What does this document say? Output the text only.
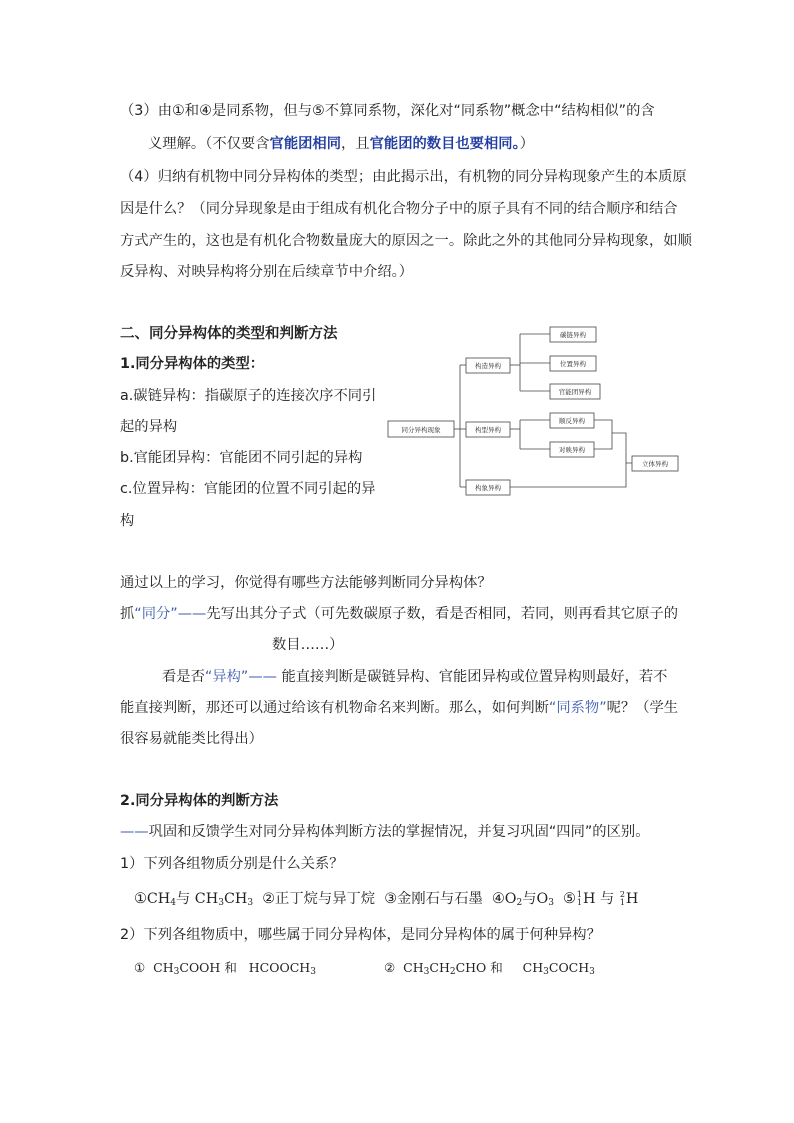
（3）由①和④是同系物，但与⑤不算同系物，深化对“同系物”概念中“结构相似”的含
义理解。（不仅要含官能团相同，且官能团的数目也要相同。）
（4）归纳有机物中同分异构体的类型；由此揭示出，有机物的同分异构现象产生的本质原
因是什么？（同分异现象是由于组成有机化合物分子中的原子具有不同的结合顺序和结合
方式产生的，这也是有机化合物数量庞大的原因之一。除此之外的其他同分异构现象，如顺
反异构、对映异构将分别在后续章节中介绍。）
二、同分异构体的类型和判断方法
1.同分异构体的类型：
a.碳链异构：指碳原子的连接次序不同引
起的异构
b.官能团异构：官能团不同引起的异构
c.位置异构：官能团的位置不同引起的异
构
同分异构现象
构造异构
构型异构
构象异构
碳链异构
位置异构
官能团异构
顺反异构
对映异构
立体异构
通过以上的学习，你觉得有哪些方法能够判断同分异构体？
抓“同分”——先写出其分子式（可先数碳原子数，看是否相同，若同，则再看其它原子的
数目……）
看是否“异构”—— 能直接判断是碳链异构、官能团异构或位置异构则最好，若不
能直接判断，那还可以通过给该有机物命名来判断。那么，如何判断“同系物”呢？（学生
很容易就能类比得出）
2.同分异构体的判断方法
——巩固和反馈学生对同分异构体判断方法的掌握情况，并复习巩固“四同”的区别。
1）下列各组物质分别是什么关系？
$①CH_4$与 $CH_3CH_3$ ②正丁烷与异丁烷 ③金刚石与石墨 $④O_2$与$O_3$ ⑤ 1
1 H 与 2
1 H
2）下列各组物质中，哪些属于同分异构体，是同分异构体的属于何种异构？
① $CH_3COOH$ 和 $HCOOCH_3$	② $CH_3CH_2CHO$ 和 $CH_3COCH_3$
